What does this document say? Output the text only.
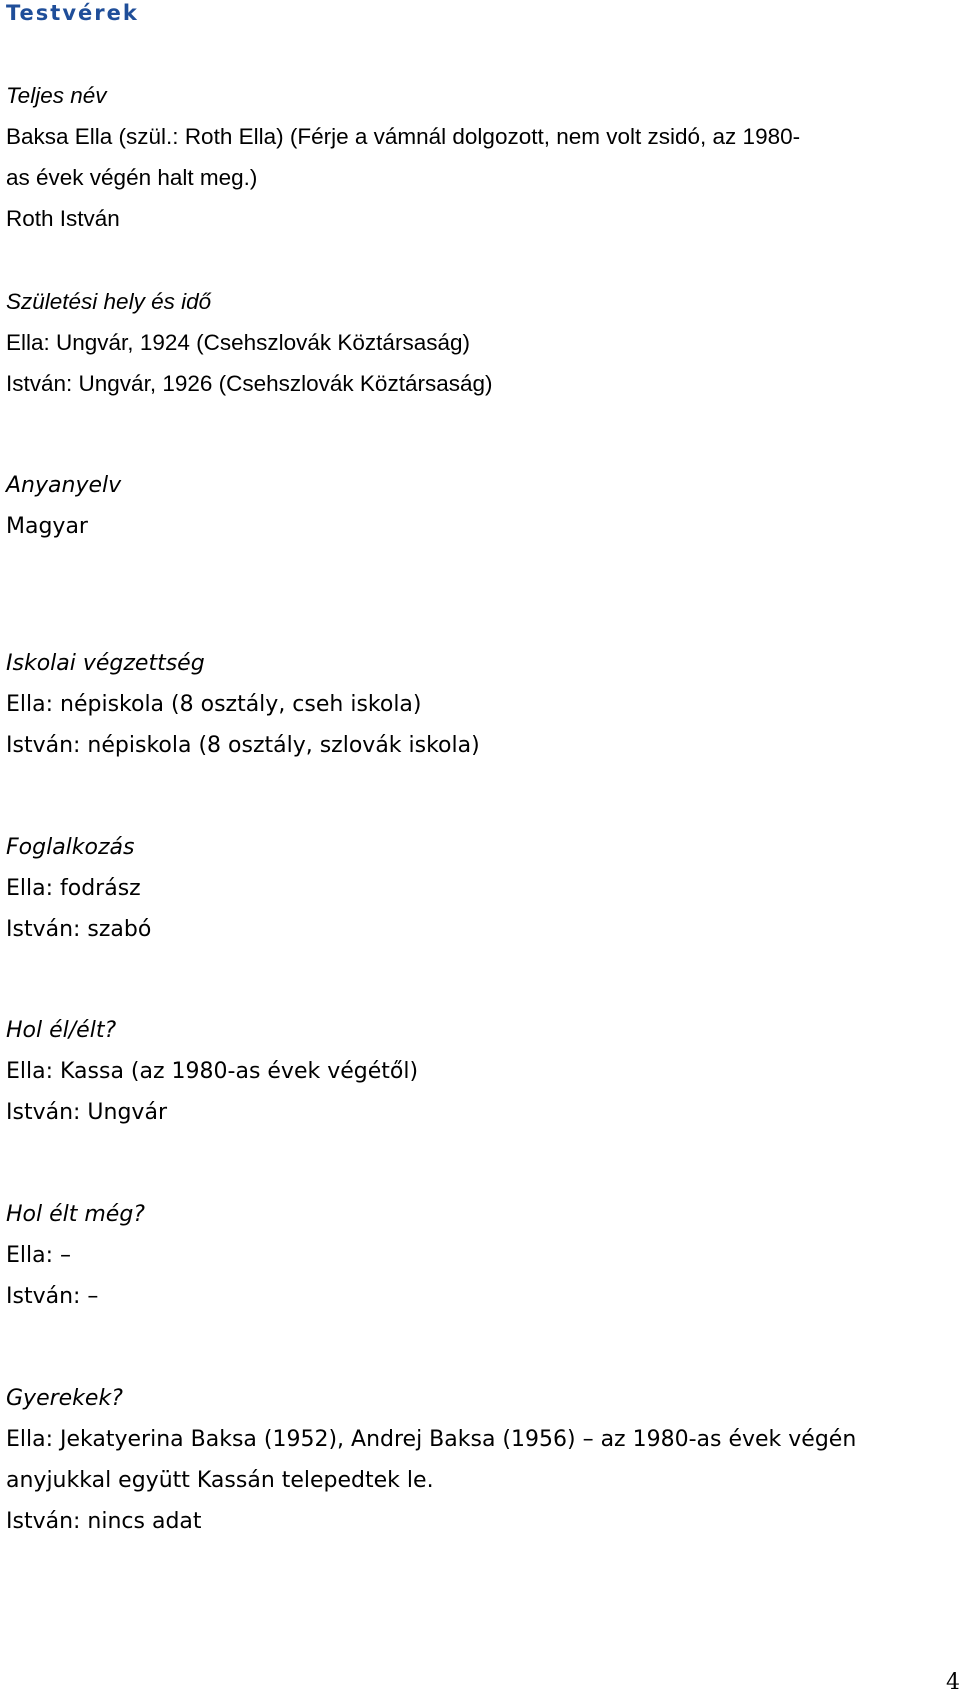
Testvérek
Teljes név
Baksa Ella (szül.: Roth Ella) (Férje a vámnál dolgozott, nem volt zsidó, az 1980-
as évek végén halt meg.)
Roth István
Születési hely és idő
Ella: Ungvár, 1924 (Csehszlovák Köztársaság)
István: Ungvár, 1926 (Csehszlovák Köztársaság)
Anyanyelv
Magyar
Iskolai végzettség
Ella: népiskola (8 osztály, cseh iskola)
István: népiskola (8 osztály, szlovák iskola)
Foglalkozás
Ella: fodrász
István: szabó
Hol él/élt?
Ella: Kassa (az 1980-as évek végétől)
István: Ungvár
Hol élt még?
Ella: –
István: –
Gyerekek?
Ella: Jekatyerina Baksa (1952), Andrej Baksa (1956) – az 1980-as évek végén
anyjukkal együtt Kassán telepedtek le.
István: nincs adat
4
